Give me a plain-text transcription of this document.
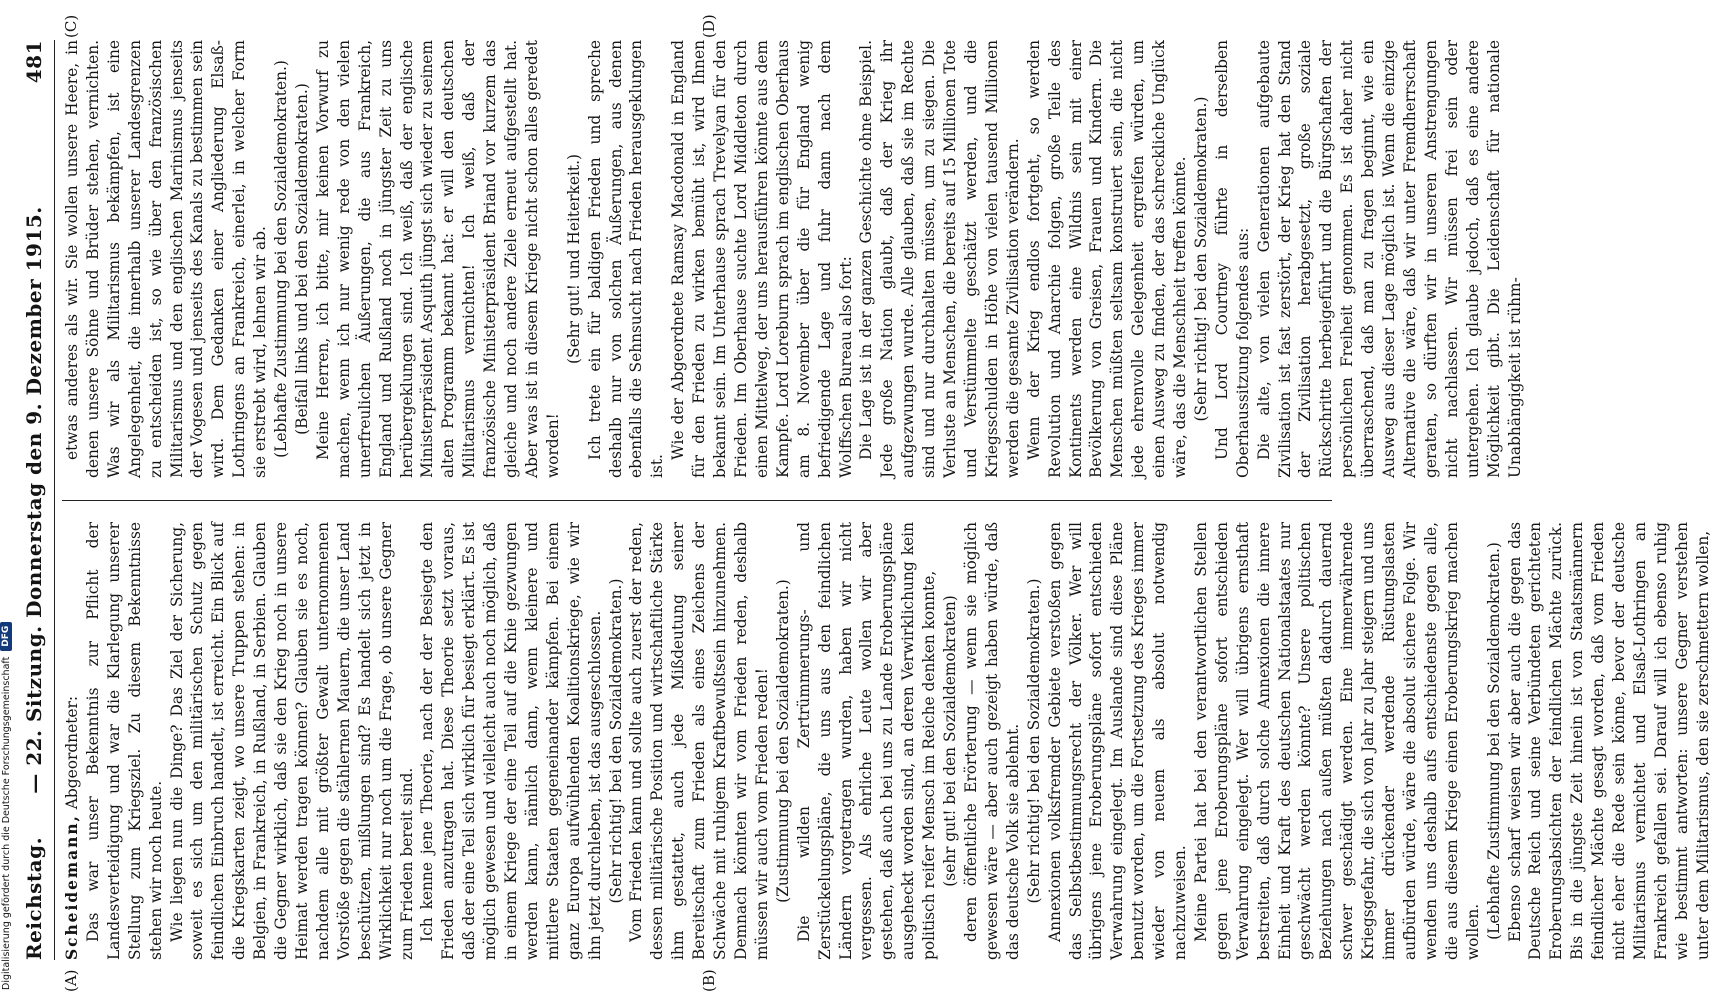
Reichstag.
— 22. Sitzung. Donnerstag den 9. Dezember 1915.
481
(A)	(B)
(C)	(D)

Scheidemann, Abgeordneter: Das war unser Bekenntnis zur Pflicht der Landesverteidigung und war die Klarlegung unserer Stellung zum Kriegsziel. Zu diesem Bekenntnisse stehen wir noch heute. Wie liegen nun die Dinge? Das Ziel der Sicherung, soweit es sich um den militärischen Schutz gegen feindlichen Einbruch handelt, ist erreicht. Ein Blick auf die Kriegskarten zeigt, wo unsere Truppen stehen: in Belgien, in Frankreich, in Rußland, in Serbien. Glauben die Gegner wirklich, daß sie den Krieg noch in unsere Heimat werden tragen können? Glauben sie es noch, nachdem alle mit größter Gewalt unternommenen Vorstöße gegen die stählernen Mauern, die unser Land beschützen, mißlungen sind? Es handelt sich jetzt in Wirklichkeit nur noch um die Frage, ob unsere Gegner zum Frieden bereit sind. Ich kenne jene Theorie, nach der der Besiegte den Frieden anzutragen hat. Diese Theorie setzt voraus, daß der eine Teil sich wirklich für besiegt erklärt. Es ist möglich gewesen und vielleicht auch noch möglich, daß in einem Kriege der eine Teil auf die Knie gezwungen werden kann, nämlich dann, wenn kleinere und mittlere Staaten gegeneinander kämpfen. Bei einem ganz Europa aufwühlenden Koalitionskriege, wie wir ihn jetzt durchleben, ist das ausgeschlossen. (Sehr richtig! bei den Sozialdemokraten.) Vom Frieden kann und sollte auch zuerst der reden, dessen militärische Position und wirtschaftliche Stärke ihm gestattet, auch jede Mißdeutung seiner Bereitschaft zum Frieden als eines Zeichens der Schwäche mit ruhigem Kraftbewußtsein hinzunehmen. Demnach könnten wir vom Frieden reden, deshalb müssen wir auch vom Frieden reden! (Zustimmung bei den Sozialdemokraten.) Die wilden Zertrümmerungs- und Zerstückelungspläne, die uns aus den feindlichen Ländern vorgetragen wurden, haben wir nicht vergessen. Als ehrliche Leute wollen wir aber gestehen, daß auch bei uns zu Lande Eroberungspläne ausgeheckt worden sind, an deren Verwirklichung kein politisch reifer Mensch im Reiche denken konnte, (sehr gut! bei den Sozialdemokraten) deren öffentliche Erörterung — wenn sie möglich gewesen wäre — aber auch gezeigt haben würde, daß das deutsche Volk sie ablehnt. (Sehr richtig! bei den Sozialdemokraten.) Annexionen volksfremder Gebiete verstoßen gegen das Selbstbestimmungsrecht der Völker. Wer will übrigens jene Eroberungspläne sofort entschieden Verwahrung eingelegt. Im Auslande sind diese Pläne benutzt worden, um die Fortsetzung des Krieges immer wieder von neuem als absolut notwendig nachzuweisen. Meine Partei hat bei den verantwortlichen Stellen gegen jene Eroberungspläne sofort entschieden Verwahrung eingelegt. Wer will übrigens ernsthaft bestreiten, daß durch solche Annexionen die innere Einheit und Kraft des deutschen Nationalstaates nur geschwächt werden könnte? Unsere politischen Beziehungen nach außen müßten dadurch dauernd schwer geschädigt werden. Eine immerwährende Kriegsgefahr, die sich von Jahr zu Jahr steigern und uns immer drückender werdende Rüstungslasten aufbürden würde, wäre die absolut sichere Folge. Wir wenden uns deshalb aufs entschiedenste gegen alle, die aus diesem Kriege einen Eroberungskrieg machen wollen. (Lebhafte Zustimmung bei den Sozialdemokraten.) Ebenso scharf weisen wir aber auch die gegen das Deutsche Reich und seine Verbündeten gerichteten Eroberungsabsichten der feindlichen Mächte zurück. Bis in die jüngste Zeit hinein ist von Staatsmännern feindlicher Mächte gesagt worden, daß vom Frieden nicht eher die Rede sein könne, bevor der deutsche Militarismus vernichtet und Elsaß-Lothringen an Frankreich gefallen sei. Darauf will ich ebenso ruhig wie bestimmt antworten: unsere Gegner verstehen unter dem Militarismus, den sie zerschmettern wollen,

etwas anderes als wir. Sie wollen unsere Heere, in denen unsere Söhne und Brüder stehen, vernichten. Was wir als Militarismus bekämpfen, ist eine Angelegenheit, die innerhalb unserer Landesgrenzen zu entscheiden ist, so wie über den französischen Militarismus und den englischen Marinismus jenseits der Vogesen und jenseits des Kanals zu bestimmen sein wird. Dem Gedanken einer Angliederung Elsaß-Lothringens an Frankreich, einerlei, in welcher Form sie erstrebt wird, lehnen wir ab. (Lebhafte Zustimmung bei den Sozialdemokraten.) (Beifall links und bei den Sozialdemokraten.) Meine Herren, ich bitte, mir keinen Vorwurf zu machen, wenn ich nur wenig rede von den vielen unerfreulichen Äußerungen, die aus Frankreich, England und Rußland noch in jüngster Zeit zu uns herübergeklungen sind. Ich weiß, daß der englische Ministerpräsident Asquith jüngst sich wieder zu seinem alten Programm bekannt hat: er will den deutschen Militarismus vernichten! Ich weiß, daß der französische Ministerpräsident Briand vor kurzem das gleiche und noch andere Ziele erneut aufgestellt hat. Aber was ist in diesem Kriege nicht schon alles geredet worden!

(Sehr gut! und Heiterkeit.) Ich trete ein für baldigen Frieden und spreche deshalb nur von solchen Äußerungen, aus denen ebenfalls die Sehnsucht nach Frieden herausgeklungen ist.

Wie der Abgeordnete Ramsay Macdonald in England für den Frieden zu wirken bemüht ist, wird Ihnen bekannt sein. Im Unterhause sprach Trevelyan für den Frieden. Im Oberhause suchte Lord Middleton durch einen Mittelweg, der uns herausführen könnte aus dem Kampfe. Lord Loreburn sprach im englischen Oberhaus am 8. November über die für England wenig befriedigende Lage und fuhr dann nach dem Wolffschen Bureau also fort: Die Lage ist in der ganzen Geschichte ohne Beispiel. Jede große Nation glaubt, daß der Krieg ihr aufgezwungen wurde. Alle glauben, daß sie im Rechte sind und nur durchhalten müssen, um zu siegen. Die Verluste an Menschen, die bereits auf 15 Millionen Tote und Verstümmelte geschätzt werden, und die Kriegsschulden in Höhe von vielen tausend Millionen werden die gesamte Zivilisation verändern. Wenn der Krieg endlos fortgeht, so werden Revolution und Anarchie folgen, große Teile des Kontinents werden eine Wildnis sein mit einer Bevölkerung von Greisen, Frauen und Kindern. Die Menschen müßten seltsam konstruiert sein, die nicht jede ehrenvolle Gelegenheit ergreifen würden, um einen Ausweg zu finden, der das schreckliche Unglück wäre, das die Menschheit treffen könnte. (Sehr richtig! bei den Sozialdemokraten.) Und Lord Courtney führte in derselben Oberhaussitzung folgendes aus: Die alte, von vielen Generationen aufgebaute Zivilisation ist fast zerstört, der Krieg hat den Stand der Zivilisation herabgesetzt, große soziale Rückschritte herbeigeführt und die Bürgschaften der persönlichen Freiheit genommen. Es ist daher nicht überraschend, daß man zu fragen beginnt, wie ein Ausweg aus dieser Lage möglich ist. Wenn die einzige Alternative die wäre, daß wir unter Fremdherrschaft geraten, so dürften wir in unseren Anstrengungen nicht nachlassen. Wir müssen frei sein oder untergehen. Ich glaube jedoch, daß es eine andere Möglichkeit gibt. Die Leidenschaft für nationale Unabhängigkeit ist rühm-

Digitalisierung gefördert durch die Deutsche Forschungsgemeinschaft
DFG
